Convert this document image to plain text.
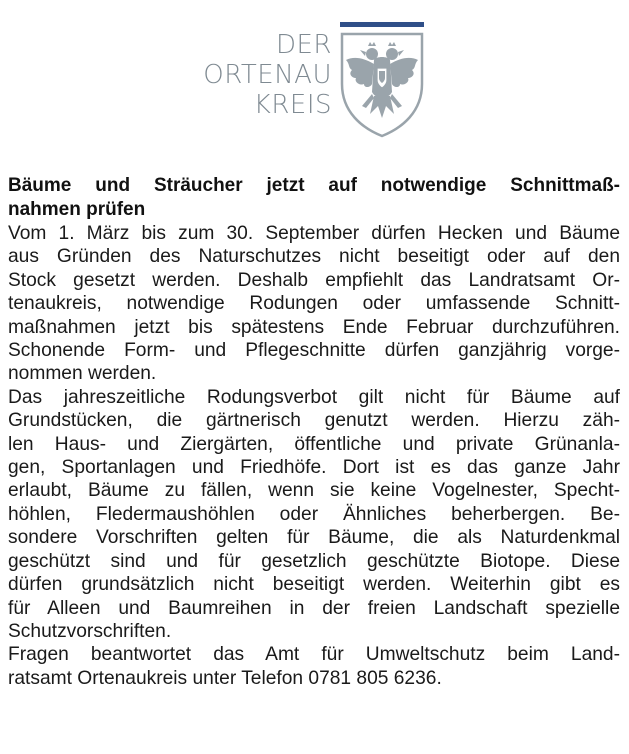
DER
ORTENAU
KREIS
Bäume und Sträucher jetzt auf notwendige Schnittmaß-
nahmen prüfen

Vom 1. März bis zum 30. September dürfen Hecken und Bäume
aus Gründen des Naturschutzes nicht beseitigt oder auf den
Stock gesetzt werden. Deshalb empfiehlt das Landratsamt Or-
tenaukreis, notwendige Rodungen oder umfassende Schnitt-
maßnahmen jetzt bis spätestens Ende Februar durchzuführen.
Schonende Form- und Pflegeschnitte dürfen ganzjährig vorge-
nommen werden.

Das jahreszeitliche Rodungsverbot gilt nicht für Bäume auf
Grundstücken, die gärtnerisch genutzt werden. Hierzu zäh-
len Haus- und Ziergärten, öffentliche und private Grünanla-
gen, Sportanlagen und Friedhöfe. Dort ist es das ganze Jahr
erlaubt, Bäume zu fällen, wenn sie keine Vogelnester, Specht-
höhlen, Fledermaushöhlen oder Ähnliches beherbergen. Be-
sondere Vorschriften gelten für Bäume, die als Naturdenkmal
geschützt sind und für gesetzlich geschützte Biotope. Diese
dürfen grundsätzlich nicht beseitigt werden. Weiterhin gibt es
für Alleen und Baumreihen in der freien Landschaft spezielle
Schutzvorschriften.

Fragen beantwortet das Amt für Umweltschutz beim Land-
ratsamt Ortenaukreis unter Telefon 0781 805 6236.
